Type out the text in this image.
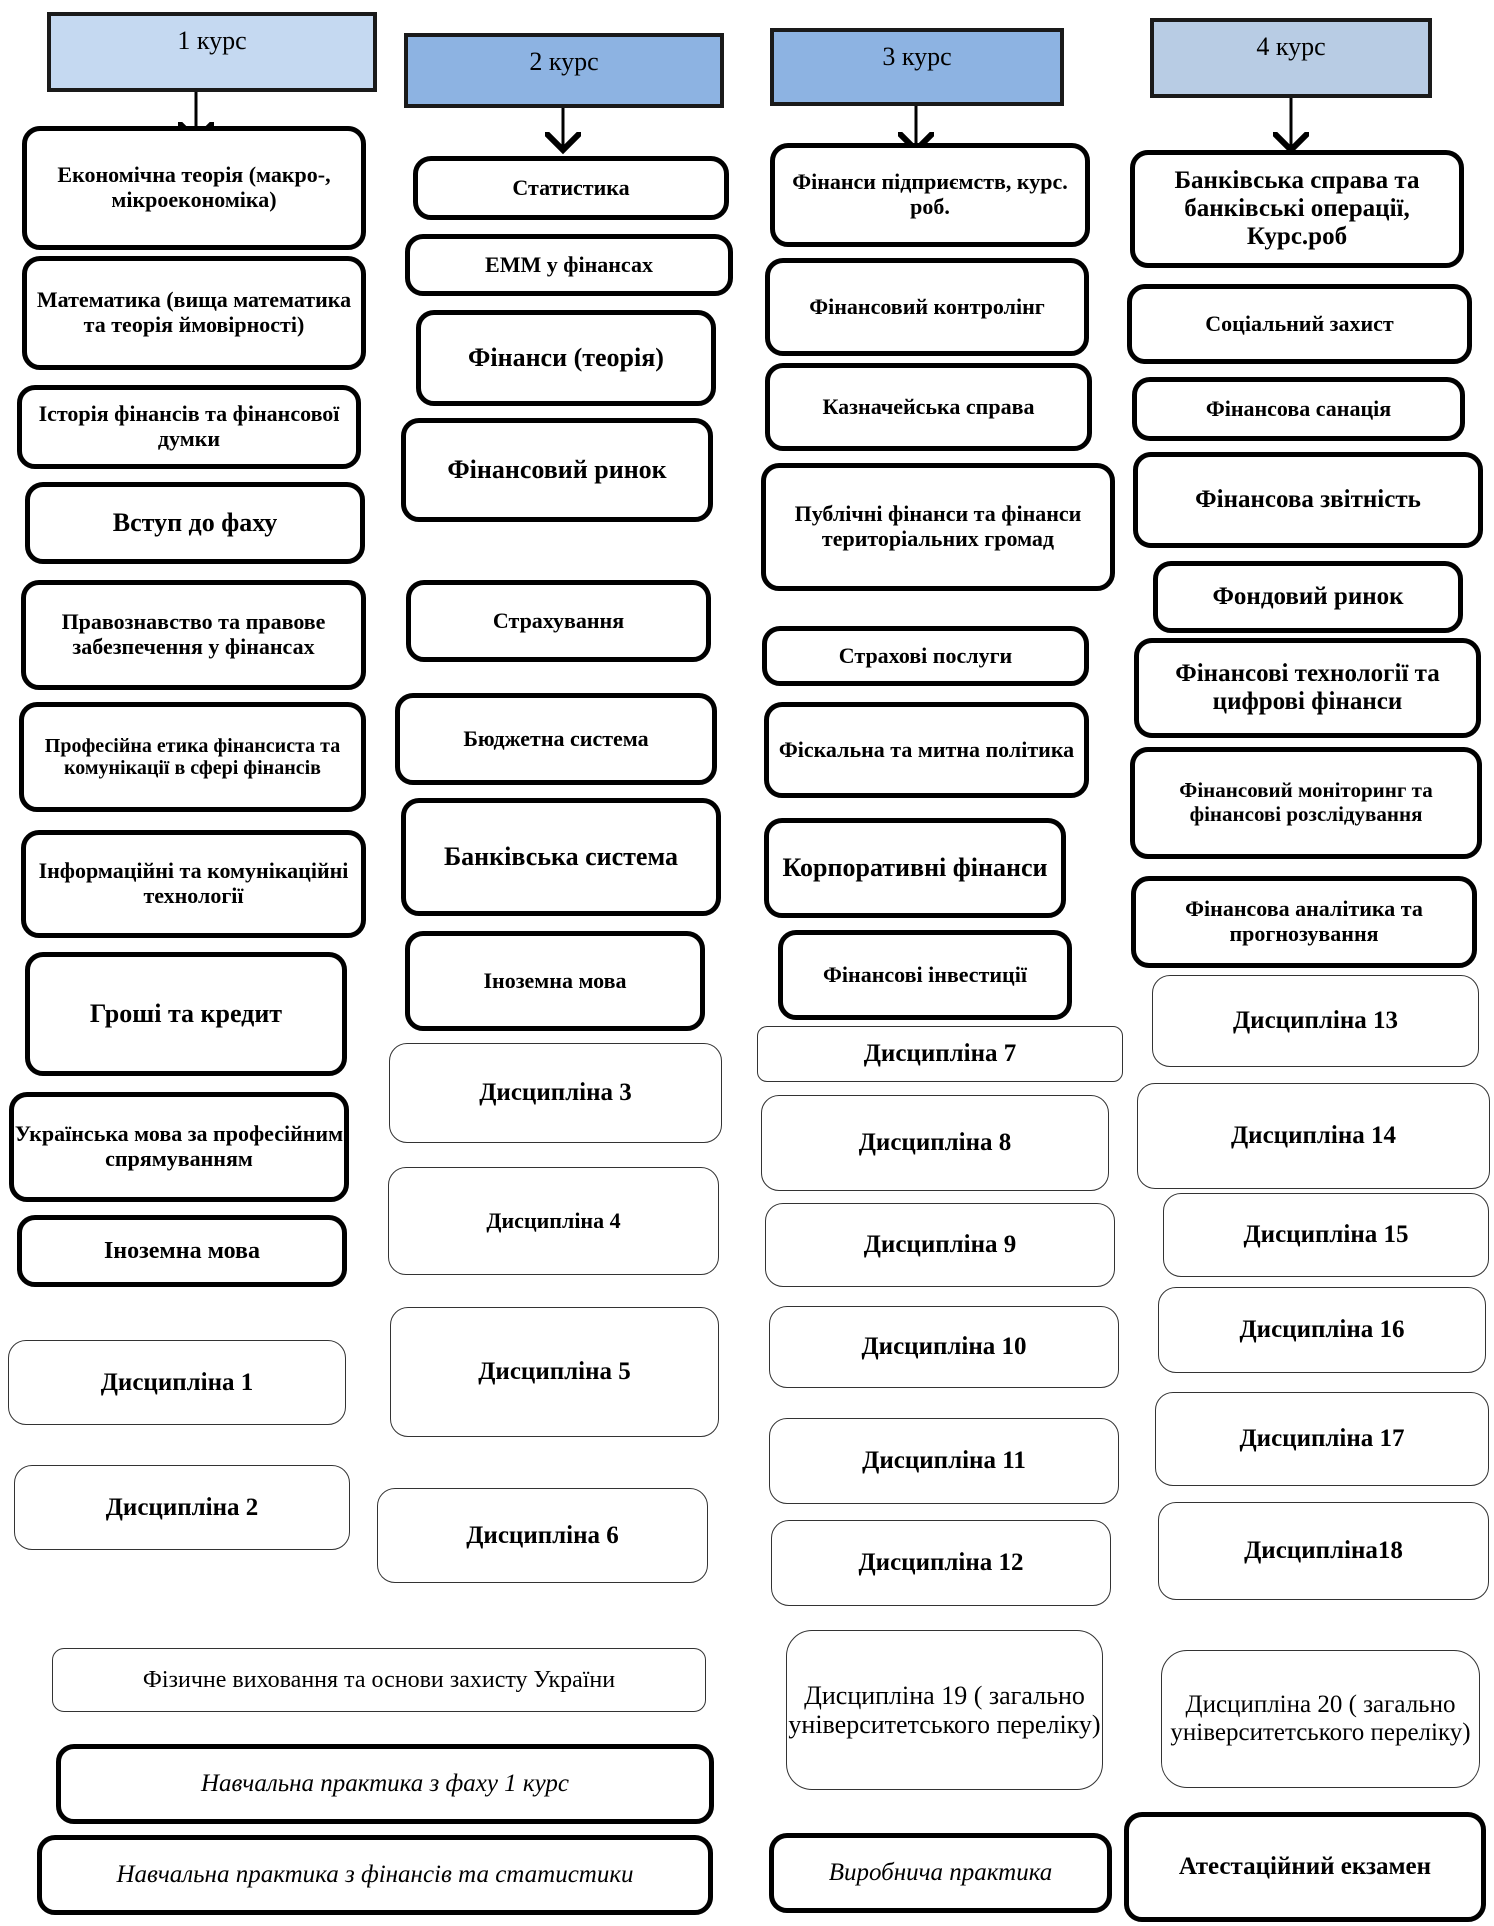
1 курс
2 курс	3 курс	4 курс
Економічна теорія (макро-, мікроекономіка)
Математика (вища математика та теорія ймовірності)
Історія фінансів та фінансової думки
Вступ до фаху
Правознавство та правове забезпечення у фінансах
Професійна етика фінансиста та комунікації в сфері фінансів
Інформаційні та комунікаційні технології
Гроші та кредит
Українська мова за професійним спрямуванням
Іноземна мова
Дисципліна 1
Дисципліна 2
Статистика
ЕММ у фінансах
Фінанси (теорія)
Фінансовий ринок
Страхування
Бюджетна система
Банківська система
Іноземна мова
Дисципліна 3
Дисципліна 4
Дисципліна 5
Дисципліна 6
Фінанси підприємств, курс. роб.
Фінансовий контролінг
Казначейська справа
Публічні фінанси та фінанси територіальних громад
Страхові послуги
Фіскальна та митна політика
Корпоративні фінанси
Фінансові інвестиції
Дисципліна 7
Дисципліна 8
Дисципліна 9
Дисципліна 10
Дисципліна 11
Дисципліна 12
Дисципліна 19 ( загально університетського переліку)
Банківська справа та банківські операції, Курс.роб
Соціальний захист
Фінансова санація
Фінансова звітність
Фондовий ринок
Фінансові технології та цифрові фінанси
Фінансовий моніторинг та фінансові розслідування
Фінансова аналітика та прогнозування
Дисципліна 13
Дисципліна 14
Дисципліна 15
Дисципліна 16
Дисципліна 17
Дисципліна18
Дисципліна 20 ( загально університетського переліку)
Фізичне виховання та основи захисту України
Навчальна практика з фаху 1 курс
Навчальна практика з фінансів та статистики	Виробнича практика	Атестаційний екзамен
